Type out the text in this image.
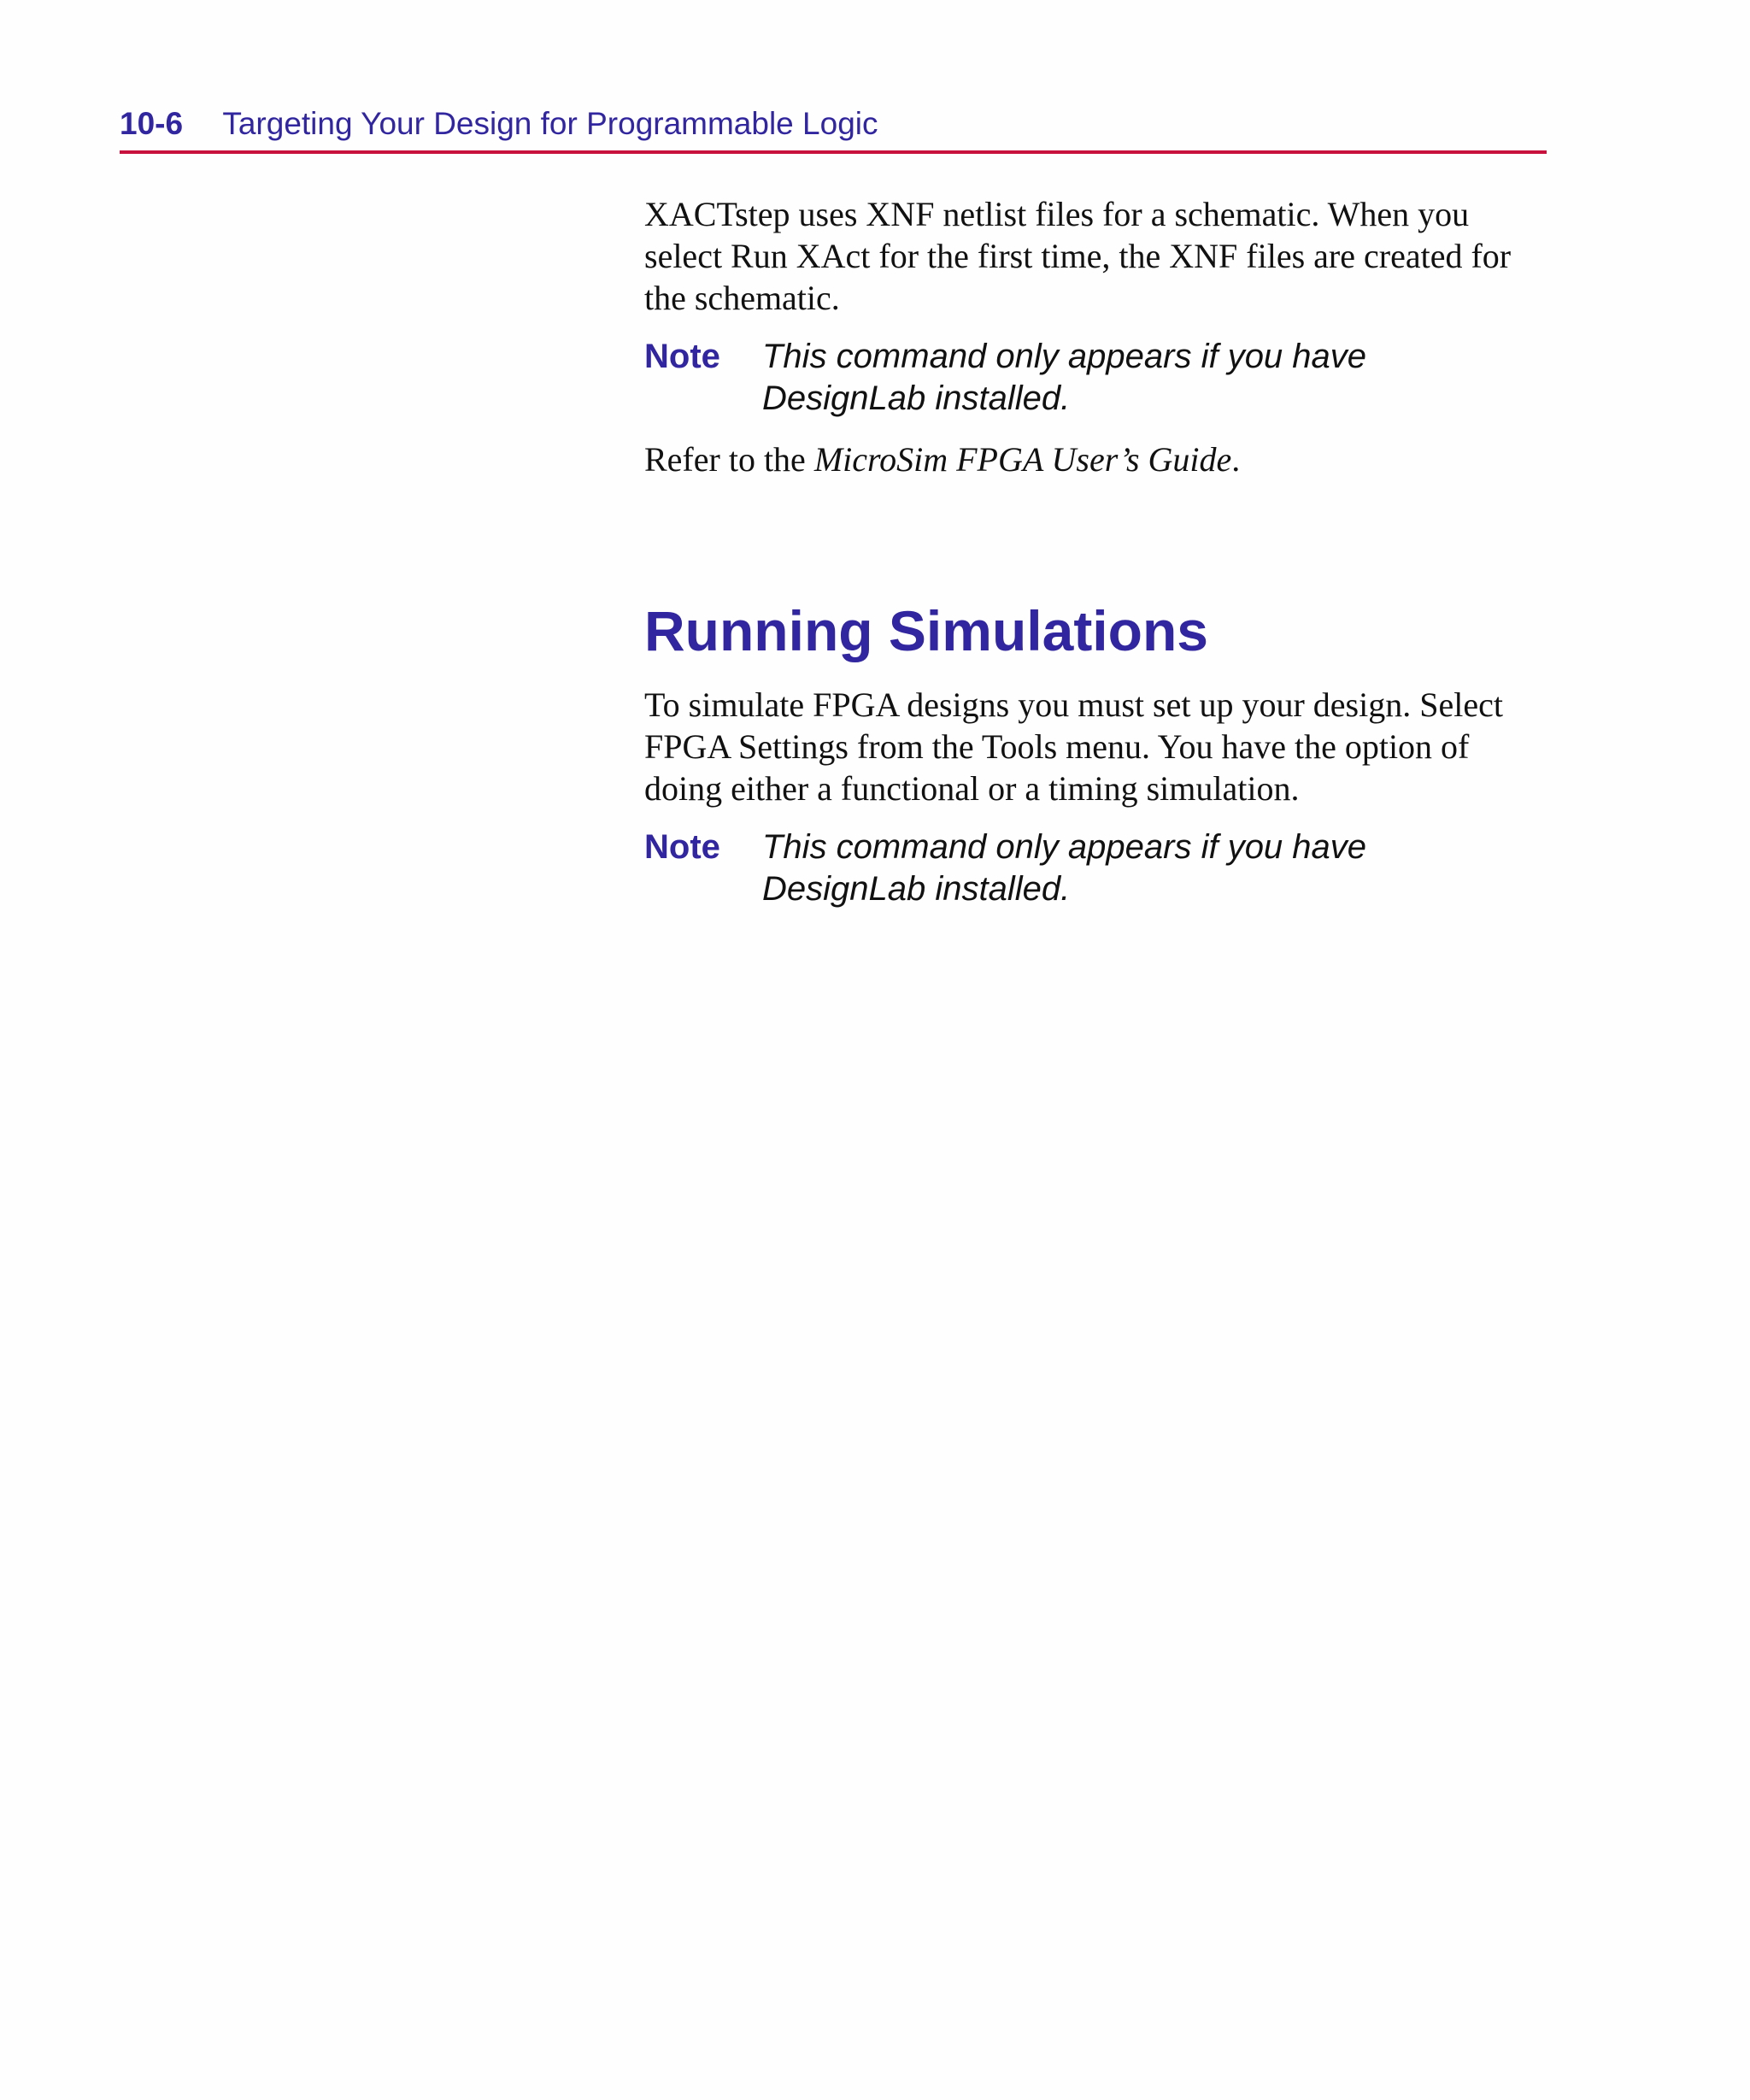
10-6 Targeting Your Design for Programmable Logic

XACTstep uses XNF netlist files for a schematic. When you select Run XAct for the first time, the XNF files are created for the schematic.

Note	This command only appears if you have DesignLab installed.

Refer to the MicroSim FPGA User’s Guide.

Running Simulations

To simulate FPGA designs you must set up your design. Select FPGA Settings from the Tools menu. You have the option of doing either a functional or a timing simulation.

Note	This command only appears if you have DesignLab installed.
